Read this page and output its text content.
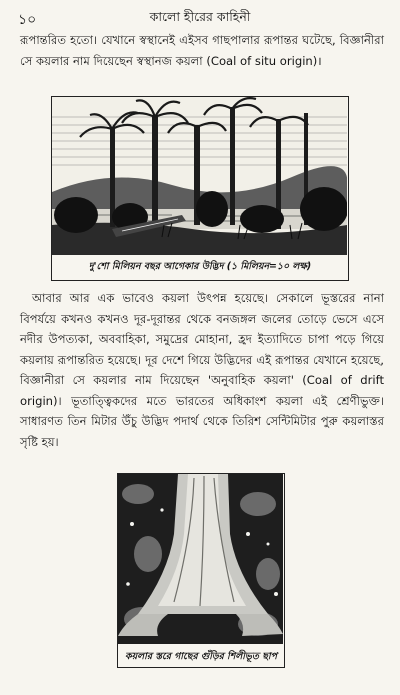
১০	কালো হীরের কাহিনী

রূপান্তরিত হতো। যেখানে স্বস্থানেই এইসব গাছপালার রূপান্তর ঘটেছে, বিজ্ঞানীরা সে কয়লার নাম দিয়েছেন স্বস্থানজ কয়লা (Coal of situ origin)।

দু'শো মিলিয়ন বছর আগেকার উদ্ভিদ (১ মিলিয়ন=১০ লক্ষ)

আবার আর এক ভাবেও কয়লা উৎপন্ন হয়েছে। সেকালে ভূস্তরের নানা বিপর্যয়ে কখনও কখনও দূর-দূরান্তর থেকে বনজঙ্গল জলের তোড়ে ভেসে এসে নদীর উপত্যকা, অববাহিকা, সমুদ্রের মোহানা, হ্রদ ইত্যাদিতে চাপা পড়ে গিয়ে কয়লায় রূপান্তরিত হয়েছে। দূর দেশে গিয়ে উদ্ভিদের এই রূপান্তর যেখানে হয়েছে, বিজ্ঞানীরা সে কয়লার নাম দিয়েছেন 'অনুবাহিক কয়লা' (Coal of drift origin)। ভূতাত্ত্বিকদের মতে ভারতের অধিকাংশ কয়লা এই শ্রেণীভুক্ত। সাধারণত তিন মিটার উঁচু উদ্ভিদ পদার্থ থেকে তিরিশ সেন্টিমিটার পুরু কয়লাস্তর সৃষ্টি হয়।

কয়লার স্তরে গাছের গুঁড়ির শিলীভূত ছাপ
